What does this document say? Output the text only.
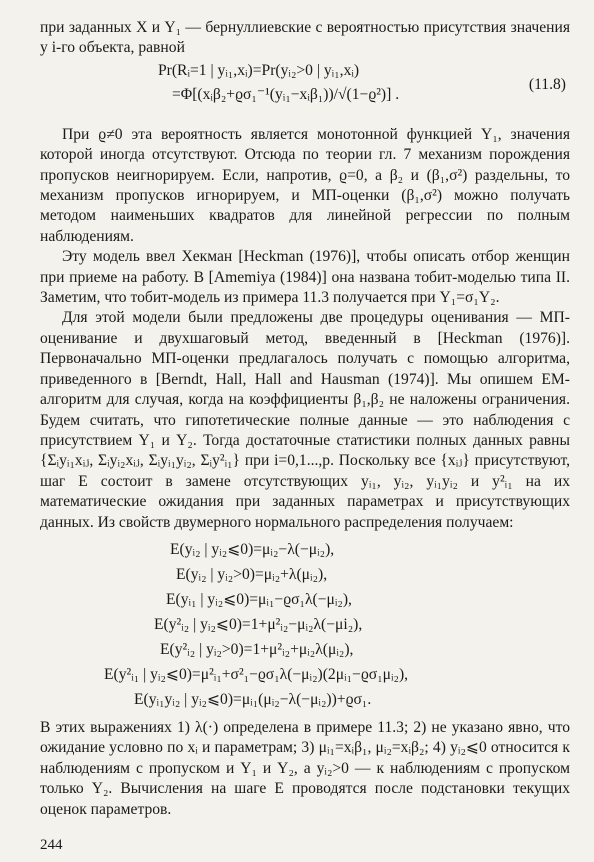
при заданных X и Y₁ — бернуллиевские с вероятностью присутствия значения у i-го объекта, равной

Pr(Rᵢ=1 | yᵢ₁,xᵢ)=Pr(yᵢ₂>0 | yᵢ₁,xᵢ)
=Φ[(xᵢβ₂+ϱσ₁⁻¹(yᵢ₁−xᵢβ₁))/√(1−ϱ²)] .
(11.8)

При ϱ≠0 эта вероятность является монотонной функцией Y₁, значения которой иногда отсутствуют. Отсюда по теории гл. 7 механизм порождения пропусков неигнорируем. Если, напротив, ϱ=0, а β₂ и (β₁,σ²) раздельны, то механизм пропусков игнорируем, и МП-оценки (β₁,σ²) можно получать методом наименьших квадратов для линейной регрессии по полным наблюдениям.

Эту модель ввел Хекман [Heckman (1976)], чтобы описать отбор женщин при приеме на работу. В [Amemiya (1984)] она названа тобит-моделью типа II. Заметим, что тобит-модель из примера 11.3 получается при Y₁=σ₁Y₂.

Для этой модели были предложены две процедуры оценивания — МП-оценивание и двухшаговый метод, введенный в [Heckman (1976)]. Первоначально МП-оценки предлагалось получать с помощью алгоритма, приведенного в [Berndt, Hall, Hall and Hausman (1974)]. Мы опишем ЕМ-алгоритм для случая, когда на коэффициенты β₁,β₂ не наложены ограничения. Будем считать, что гипотетические полные данные — это наблюдения с присутствием Y₁ и Y₂. Тогда достаточные статистики полных данных равны {Σᵢyᵢ₁xᵢⱼ, Σᵢyᵢ₂xᵢⱼ, Σᵢyᵢ₁yᵢ₂, Σᵢy²ᵢ₁} при i=0,1...,p. Поскольку все {xᵢⱼ} присутствуют, шаг Е состоит в замене отсутствующих yᵢ₁, yᵢ₂, yᵢ₁yᵢ₂ и y²ᵢ₁ на их математические ожидания при заданных параметрах и присутствующих данных. Из свойств двумерного нормального распределения получаем:

E(yᵢ₂ | yᵢ₂⩽0)=μᵢ₂−λ(−μᵢ₂),
E(yᵢ₂ | yᵢ₂>0)=μᵢ₂+λ(μᵢ₂),
E(yᵢ₁ | yᵢ₂⩽0)=μᵢ₁−ϱσ₁λ(−μᵢ₂),
E(y²ᵢ₂ | yᵢ₂⩽0)=1+μ²ᵢ₂−μᵢ₂λ(−μi₂),
E(y²ᵢ₂ | yᵢ₂>0)=1+μ²ᵢ₂+μᵢ₂λ(μᵢ₂),
E(y²ᵢ₁ | yᵢ₂⩽0)=μ²ᵢ₁+σ²₁−ϱσ₁λ(−μᵢ₂)(2μᵢ₁−ϱσ₁μᵢ₂),
E(yᵢ₁yᵢ₂ | yᵢ₂⩽0)=μᵢ₁(μᵢ₂−λ(−μᵢ₂))+ϱσ₁.

В этих выражениях 1) λ(·) определена в примере 11.3; 2) не указано явно, что ожидание условно по xᵢ и параметрам; 3) μᵢ₁=xᵢβ₁, μᵢ₂=xᵢβ₂; 4) yᵢ₂⩽0 относится к наблюдениям с пропуском и Y₁ и Y₂, а yᵢ₂>0 — к наблюдениям с пропуском только Y₂. Вычисления на шаге Е проводятся после подстановки текущих оценок параметров.

244
